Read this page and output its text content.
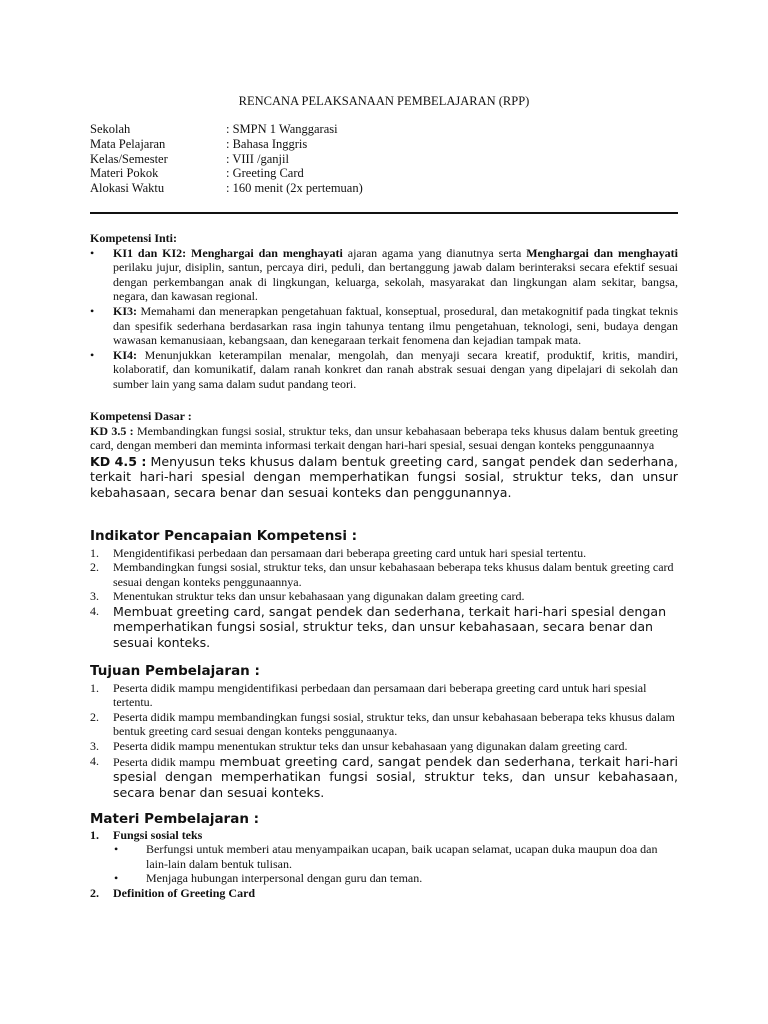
RENCANA PELAKSANAAN PEMBELAJARAN (RPP)
Sekolah	: SMPN 1 Wanggarasi
Mata Pelajaran	: Bahasa Inggris
Kelas/Semester	: VIII /ganjil
Materi Pokok	: Greeting Card
Alokasi Waktu	: 160 menit (2x pertemuan)
Kompetensi Inti:
• KI1 dan KI2: Menghargai dan menghayati ajaran agama yang dianutnya serta Menghargai dan menghayati perilaku jujur, disiplin, santun, percaya diri, peduli, dan bertanggung jawab dalam berinteraksi secara efektif sesuai dengan perkembangan anak di lingkungan, keluarga, sekolah, masyarakat dan lingkungan alam sekitar, bangsa, negara, dan kawasan regional.
• KI3: Memahami dan menerapkan pengetahuan faktual, konseptual, prosedural, dan metakognitif pada tingkat teknis dan spesifik sederhana berdasarkan rasa ingin tahunya tentang ilmu pengetahuan, teknologi, seni, budaya dengan wawasan kemanusiaan, kebangsaan, dan kenegaraan terkait fenomena dan kejadian tampak mata.
• KI4: Menunjukkan keterampilan menalar, mengolah, dan menyaji secara kreatif, produktif, kritis, mandiri, kolaboratif, dan komunikatif, dalam ranah konkret dan ranah abstrak sesuai dengan yang dipelajari di sekolah dan sumber lain yang sama dalam sudut pandang teori.
Kompetensi Dasar :
KD 3.5 : Membandingkan fungsi sosial, struktur teks, dan unsur kebahasaan beberapa teks khusus dalam bentuk greeting card, dengan memberi dan meminta informasi terkait dengan hari-hari spesial, sesuai dengan konteks penggunaannya
KD 4.5 : Menyusun teks khusus dalam bentuk greeting card, sangat pendek dan sederhana, terkait hari-hari spesial dengan memperhatikan fungsi sosial, struktur teks, dan unsur kebahasaan, secara benar dan sesuai konteks dan penggunannya.
Indikator Pencapaian Kompetensi :
1. Mengidentifikasi perbedaan dan persamaan dari beberapa greeting card untuk hari spesial tertentu.
2. Membandingkan fungsi sosial, struktur teks, dan unsur kebahasaan beberapa teks khusus dalam bentuk greeting card sesuai dengan konteks penggunaannya.
3. Menentukan struktur teks dan unsur kebahasaan yang digunakan dalam greeting card.
4. Membuat greeting card, sangat pendek dan sederhana, terkait hari-hari spesial dengan memperhatikan fungsi sosial, struktur teks, dan unsur kebahasaan, secara benar dan sesuai konteks.
Tujuan Pembelajaran :
1. Peserta didik mampu mengidentifikasi perbedaan dan persamaan dari beberapa greeting card untuk hari spesial tertentu.
2. Peserta didik mampu membandingkan fungsi sosial, struktur teks, dan unsur kebahasaan beberapa teks khusus dalam bentuk greeting card sesuai dengan konteks penggunaanya.
3. Peserta didik mampu menentukan struktur teks dan unsur kebahasaan yang digunakan dalam greeting card.
4. Peserta didik mampu membuat greeting card, sangat pendek dan sederhana, terkait hari-hari spesial dengan memperhatikan fungsi sosial, struktur teks, dan unsur kebahasaan, secara benar dan sesuai konteks.
Materi Pembelajaran :
1. Fungsi sosial teks
• Berfungsi untuk memberi atau menyampaikan ucapan, baik ucapan selamat, ucapan duka maupun doa dan lain-lain dalam bentuk tulisan.
• Menjaga hubungan interpersonal dengan guru dan teman.
2. Definition of Greeting Card
